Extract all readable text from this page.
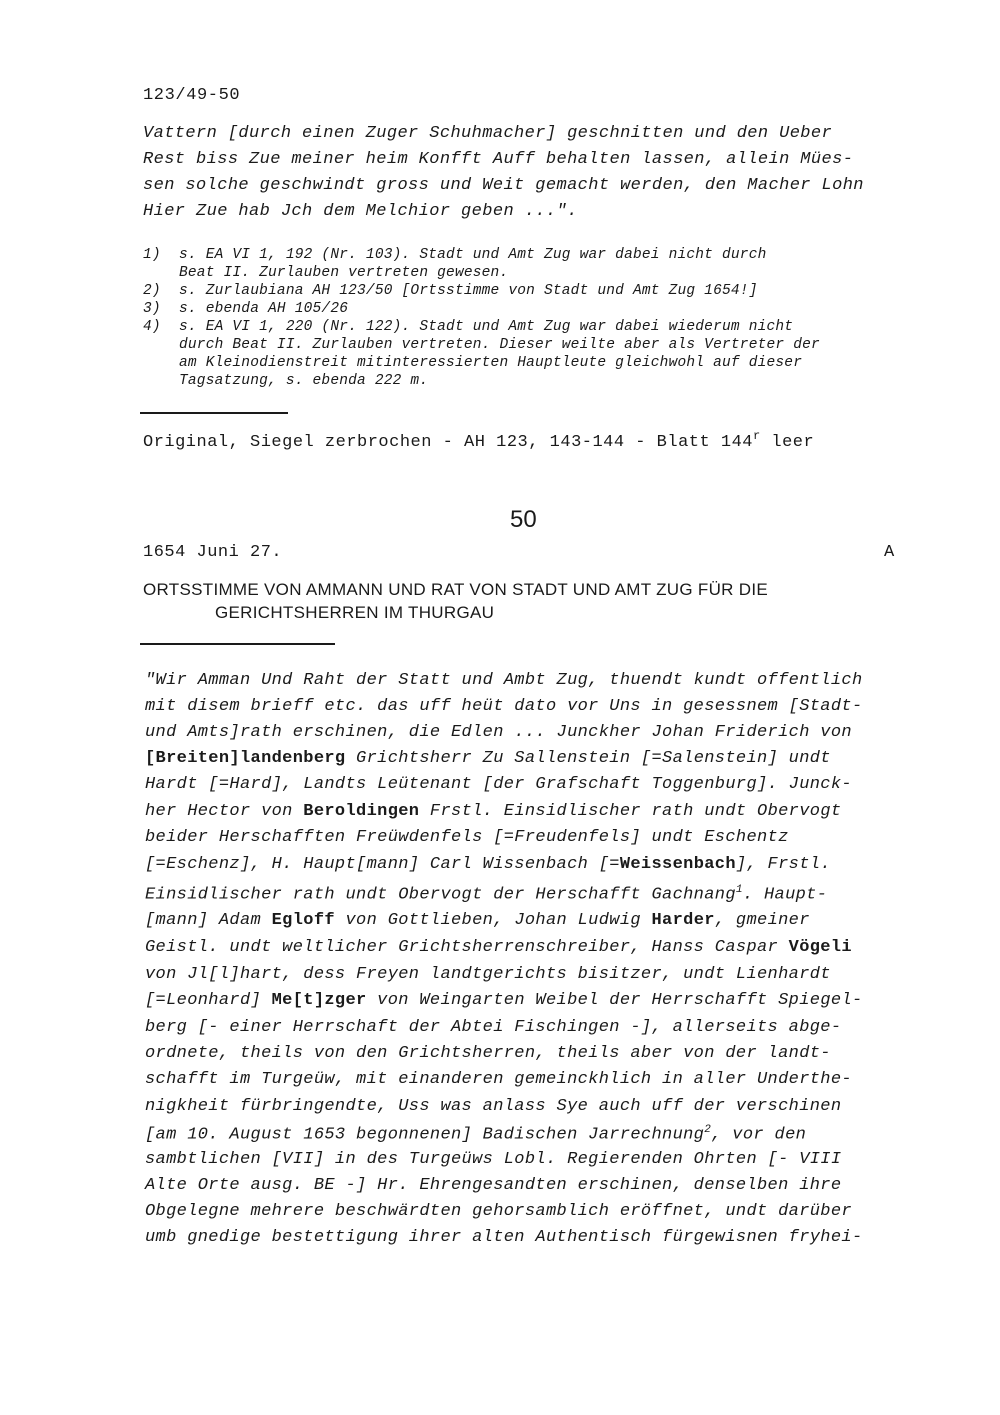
123/49-50
Vattern [durch einen Zuger Schuhmacher] geschnitten und den Ueber
Rest biss Zue meiner heim Konfft Auff behalten lassen, allein Mües-
sen solche geschwindt gross und Weit gemacht werden, den Macher Lohn
Hier Zue hab Jch dem Melchior geben ...".
1) s. EA VI 1, 192 (Nr. 103). Stadt und Amt Zug war dabei nicht durch
Beat II. Zurlauben vertreten gewesen.
2) s. Zurlaubiana AH 123/50 [Ortsstimme von Stadt und Amt Zug 1654!]
3) s. ebenda AH 105/26
4) s. EA VI 1, 220 (Nr. 122). Stadt und Amt Zug war dabei wiederum nicht
durch Beat II. Zurlauben vertreten. Dieser weilte aber als Vertreter der
am Kleinodienstreit mitinteressierten Hauptleute gleichwohl auf dieser
Tagsatzung, s. ebenda 222 m.
Original, Siegel zerbrochen - AH 123, 143-144 - Blatt 144$^r$ leer
50
1654 Juni 27.	A
ORTSSTIMME VON AMMANN UND RAT VON STADT UND AMT ZUG FÜR DIE
GERICHTSHERREN IM THURGAU
"Wir Amman Und Raht der Statt und Ambt Zug, thuendt kundt offentlich
mit disem brieff etc. das uff heüt dato vor Uns in gesessnem [Stadt-
und Amts]rath erschinen, die Edlen ... Junckher Johan Friderich von
[Breiten]landenberg Grichtsherr Zu Sallenstein [=Salenstein] undt
Hardt [=Hard], Landts Leütenant [der Grafschaft Toggenburg]. Junck-
her Hector von Beroldingen Frstl. Einsidlischer rath undt Obervogt
beider Herschafften Freüwdenfels [=Freudenfels] undt Eschentz
[=Eschenz], H. Haupt[mann] Carl Wissenbach [=Weissenbach], Frstl.
Einsidlischer rath undt Obervogt der Herschafft Gachnang$^1$. Haupt-
[mann] Adam Egloff von Gottlieben, Johan Ludwig Harder, gmeiner
Geistl. undt weltlicher Grichtsherrenschreiber, Hanss Caspar Vögeli
von Jl[l]hart, dess Freyen landtgerichts bisitzer, undt Lienhardt
[=Leonhard] Me[t]zger von Weingarten Weibel der Herrschafft Spiegel-
berg [- einer Herrschaft der Abtei Fischingen -], allerseits abge-
ordnete, theils von den Grichtsherren, theils aber von der landt-
schafft im Turgeüw, mit einanderen gemeinckhlich in aller Underthe-
nigkheit fürbringendte, Uss was anlass Sye auch uff der verschinen
[am 10. August 1653 begonnenen] Badischen Jarrechnung$^2$, vor den
sambtlichen [VII] in des Turgeüws Lobl. Regierenden Ohrten [- VIII
Alte Orte ausg. BE -] Hr. Ehrengesandten erschinen, denselben ihre
Obgelegne mehrere beschwärdten gehorsamblich eröffnet, undt darüber
umb gnedige bestettigung ihrer alten Authentisch fürgewisnen fryhei-
